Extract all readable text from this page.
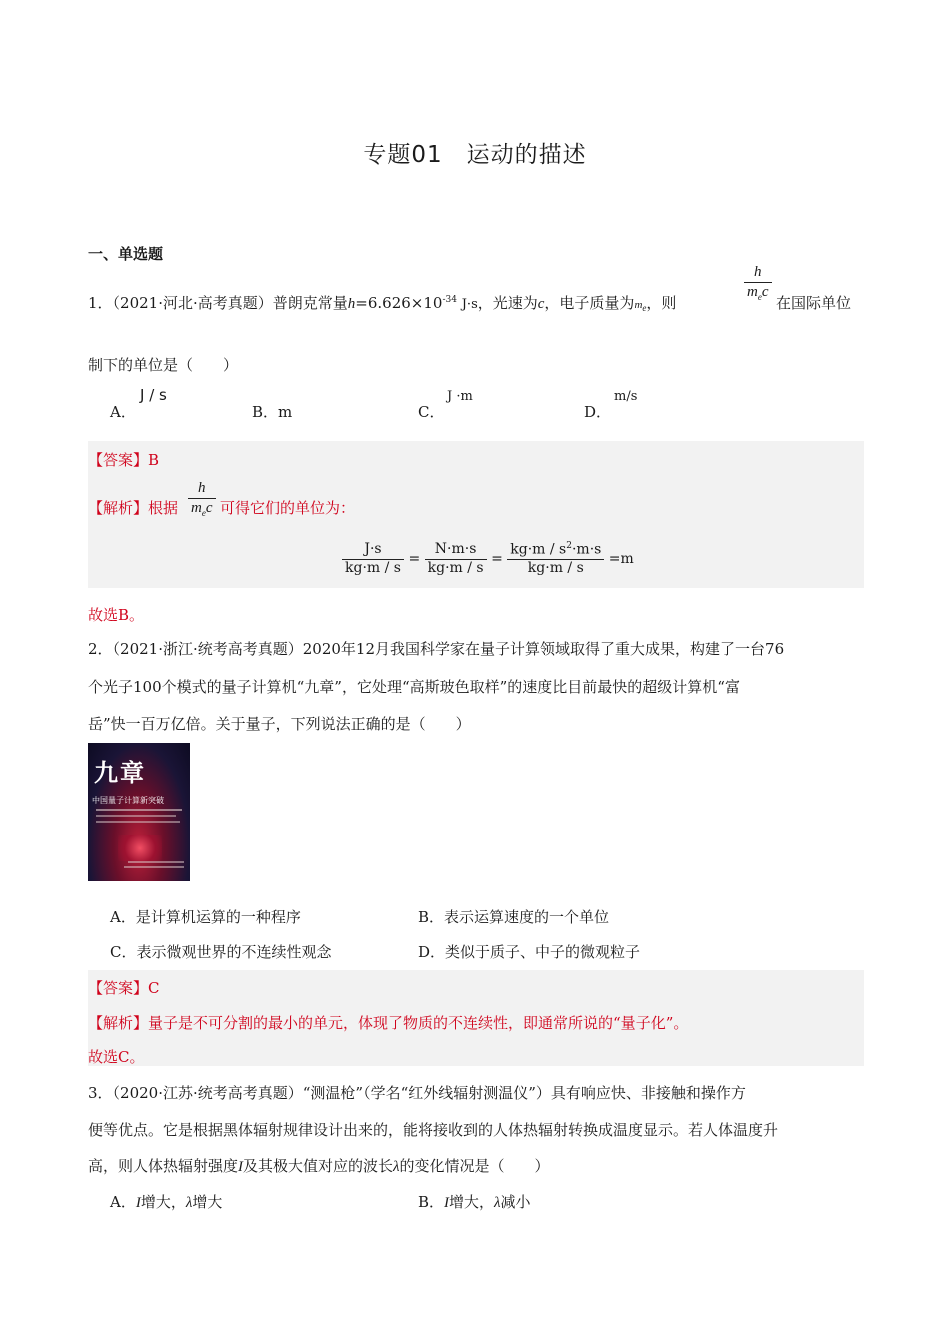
专题01　运动的描述
一、单选题
1．（2021·河北·高考真题）普朗克常量$h=6.626\times 10^{-34}$ J·s，光速为c，电子质量为$m_e$，则
$\frac{h}{m_ec}$
在国际单位
制下的单位是（　　）
A．
J / s
B．m	C．
J ·m
D．
m/s
【答案】B
【解析】根据 $\frac{h}{m_ec}$ 可得它们的单位为：
$\frac{J\cdot s}{kg\cdot m / s} = \frac{N\cdot m\cdot s}{kg\cdot m / s} = \frac{kg\cdot m / s^2\cdot m\cdot s}{kg\cdot m / s} =m$
故选B。
2．（2021·浙江·统考高考真题）2020年12月我国科学家在量子计算领域取得了重大成果，构建了一台76
个光子100个模式的量子计算机“九章”，它处理“高斯玻色取样”的速度比目前最快的超级计算机“富
岳”快一百万亿倍。关于量子，下列说法正确的是（　　）
九章
中国量子计算新突破
A．是计算机运算的一种程序	B．表示运算速度的一个单位
C．表示微观世界的不连续性观念	D．类似于质子、中子的微观粒子
【答案】C
【解析】量子是不可分割的最小的单元，体现了物质的不连续性，即通常所说的“量子化”。
故选C。
3．（2020·江苏·统考高考真题）“测温枪”（学名“红外线辐射测温仪”）具有响应快、非接触和操作方
便等优点。它是根据黑体辐射规律设计出来的，能将接收到的人体热辐射转换成温度显示。若人体温度升
高，则人体热辐射强度I及其极大值对应的波长λ的变化情况是（　　）
A．I增大，λ增大	B．I增大，λ减小
